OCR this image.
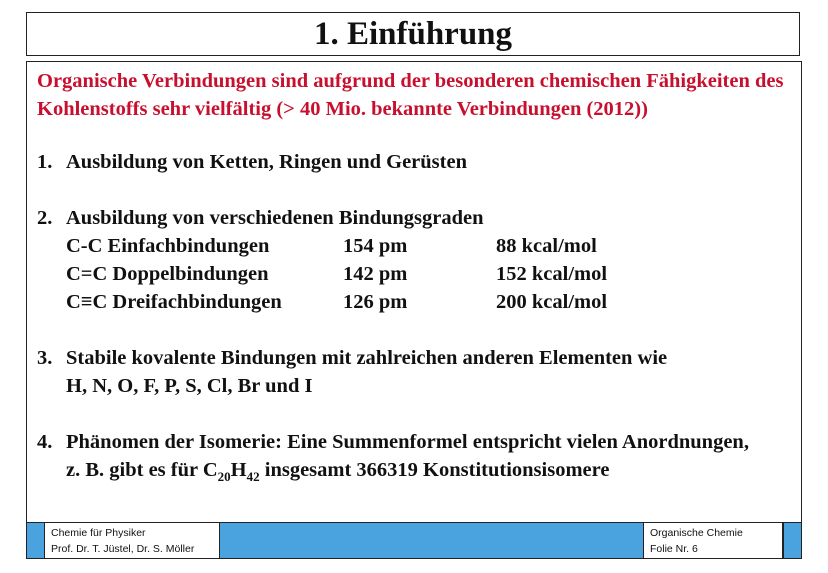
1. Einführung
Organische Verbindungen sind aufgrund der besonderen chemischen Fähigkeiten des Kohlenstoffs sehr vielfältig (> 40 Mio. bekannte Verbindungen (2012))
1. Ausbildung von Ketten, Ringen und Gerüsten
2. Ausbildung von verschiedenen Bindungsgraden
C-C Einfachbindungen	154 pm	88 kcal/mol
C=C Doppelbindungen	142 pm	152 kcal/mol
C≡C Dreifachbindungen	126 pm	200 kcal/mol
3. Stabile kovalente Bindungen mit zahlreichen anderen Elementen wie
H, N, O, F, P, S, Cl, Br und I
4. Phänomen der Isomerie: Eine Summenformel entspricht vielen Anordnungen,
z. B. gibt es für $C_{20}H_{42}$ insgesamt 366319 Konstitutionsisomere
Chemie für Physiker
Prof. Dr. T. Jüstel, Dr. S. Möller
Organische Chemie
Folie Nr. 6
